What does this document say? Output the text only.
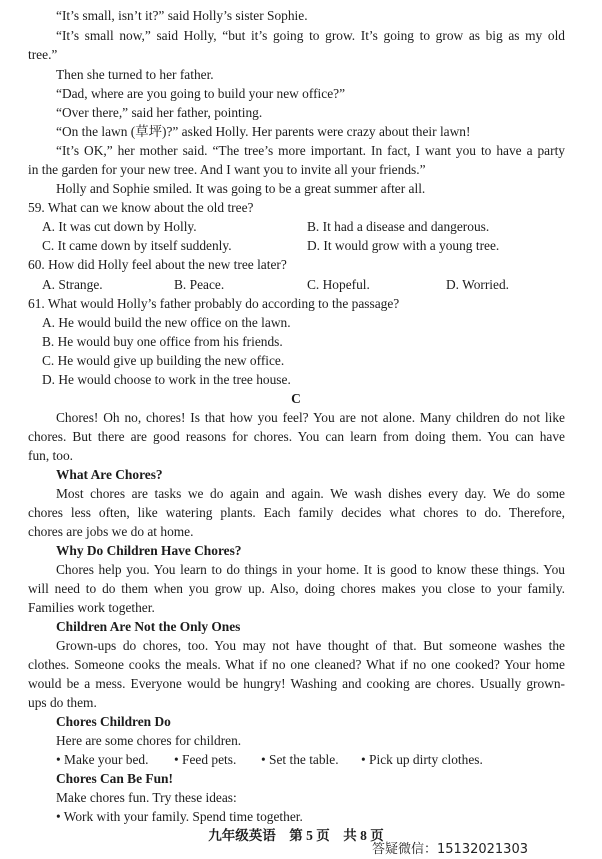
“It’s small, isn’t it?” said Holly’s sister Sophie.
“It’s small now,” said Holly, “but it’s going to grow. It’s going to grow as big as my old
tree.”
Then she turned to her father.
“Dad, where are you going to build your new office?”
“Over there,” said her father, pointing.
“On the lawn (草坪)?” asked Holly. Her parents were crazy about their lawn!
“It’s OK,” her mother said. “The tree’s more important. In fact, I want you to have a party
in the garden for your new tree. And I want you to invite all your friends.”
Holly and Sophie smiled. It was going to be a great summer after all.
59. What can we know about the old tree?
A. It was cut down by Holly.	B. It had a disease and dangerous.
C. It came down by itself suddenly.	D. It would grow with a young tree.
60. How did Holly feel about the new tree later?
A. Strange.	B. Peace.	C. Hopeful.	D. Worried.
61. What would Holly’s father probably do according to the passage?
A. He would build the new office on the lawn.
B. He would buy one office from his friends.
C. He would give up building the new office.
D. He would choose to work in the tree house.
C
Chores! Oh no, chores! Is that how you feel? You are not alone. Many children do not like
chores. But there are good reasons for chores. You can learn from doing them. You can have
fun, too.
What Are Chores?
Most chores are tasks we do again and again. We wash dishes every day. We do some
chores less often, like watering plants. Each family decides what chores to do. Therefore,
chores are jobs we do at home.
Why Do Children Have Chores?
Chores help you. You learn to do things in your home. It is good to know these things. You
will need to do them when you grow up. Also, doing chores makes you close to your family.
Families work together.
Children Are Not the Only Ones
Grown-ups do chores, too. You may not have thought of that. But someone washes the
clothes. Someone cooks the meals. What if no one cleaned? What if no one cooked? Your home
would be a mess. Everyone would be hungry! Washing and cooking are chores. Usually grown-
ups do them.
Chores Children Do
Here are some chores for children.
• Make your bed. • Feed pets. • Set the table. • Pick up dirty clothes.
Chores Can Be Fun!
Make chores fun. Try these ideas:
• Work with your family. Spend time together.
九年级英语　第 5 页　共 8 页
答疑微信：15132021303
